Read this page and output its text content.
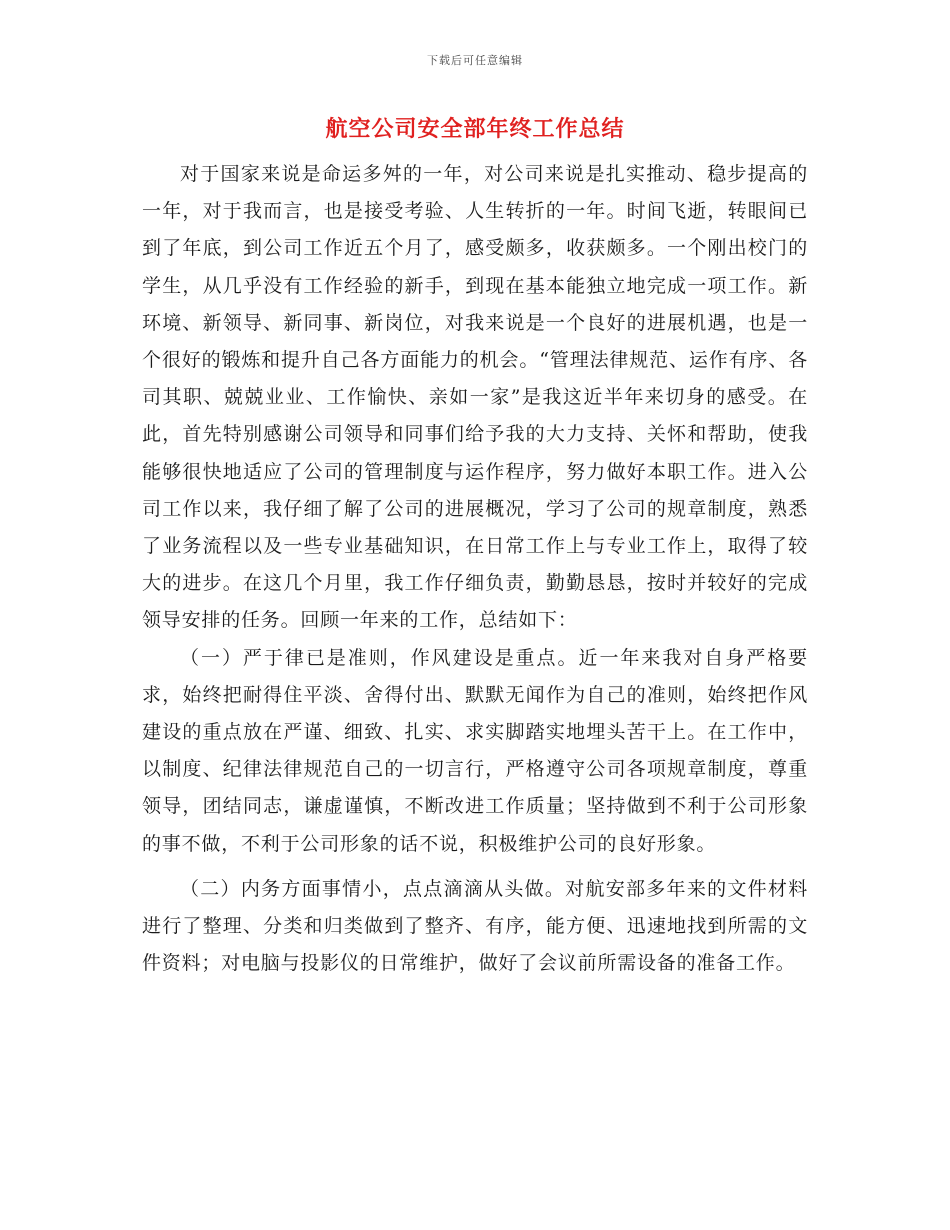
下载后可任意编辑
航空公司安全部年终工作总结

对于国家来说是命运多舛的一年，对公司来说是扎实推动、稳步提高的一年，对于我而言，也是接受考验、人生转折的一年。时间飞逝，转眼间已到了年底，到公司工作近五个月了，感受颇多，收获颇多。一个刚出校门的学生，从几乎没有工作经验的新手，到现在基本能独立地完成一项工作。新环境、新领导、新同事、新岗位，对我来说是一个良好的进展机遇，也是一个很好的锻炼和提升自己各方面能力的机会。“管理法律规范、运作有序、各司其职、兢兢业业、工作愉快、亲如一家”是我这近半年来切身的感受。在此，首先特别感谢公司领导和同事们给予我的大力支持、关怀和帮助，使我能够很快地适应了公司的管理制度与运作程序，努力做好本职工作。进入公司工作以来，我仔细了解了公司的进展概况，学习了公司的规章制度，熟悉了业务流程以及一些专业基础知识，在日常工作上与专业工作上，取得了较大的进步。在这几个月里，我工作仔细负责，勤勤恳恳，按时并较好的完成领导安排的任务。回顾一年来的工作，总结如下：

（一）严于律已是准则，作风建设是重点。近一年来我对自身严格要求，始终把耐得住平淡、舍得付出、默默无闻作为自己的准则，始终把作风建设的重点放在严谨、细致、扎实、求实脚踏实地埋头苦干上。在工作中，以制度、纪律法律规范自己的一切言行，严格遵守公司各项规章制度，尊重领导，团结同志，谦虚谨慎，不断改进工作质量；坚持做到不利于公司形象的事不做，不利于公司形象的话不说，积极维护公司的良好形象。

（二）内务方面事情小，点点滴滴从头做。对航安部多年来的文件材料进行了整理、分类和归类做到了整齐、有序，能方便、迅速地找到所需的文件资料；对电脑与投影仪的日常维护，做好了会议前所需设备的准备工作。
